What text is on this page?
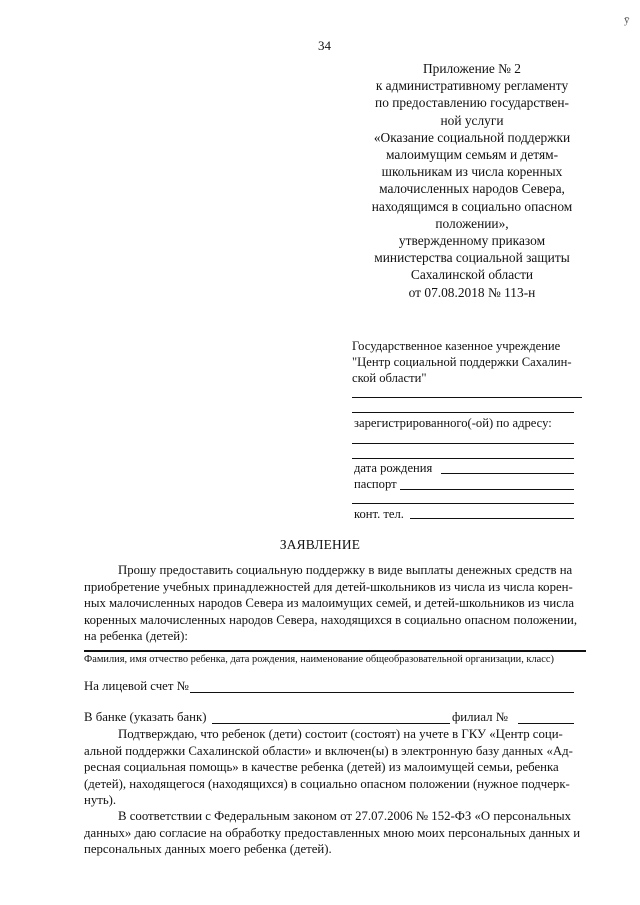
34
ȳ
Приложение № 2
к административному регламенту
по предоставлению государствен-
ной услуги
«Оказание социальной поддержки
малоимущим семьям и детям-
школьникам из числа коренных
малочисленных народов Севера,
находящимся в социально опасном
положении»,
утвержденному приказом
министерства социальной защиты
Сахалинской области
от 07.08.2018 № 113-н
Государственное казенное учреждение
"Центр социальной поддержки Сахалин-
ской области"
зарегистрированного(-ой) по адресу:
дата рождения
паспорт
конт. тел.
ЗАЯВЛЕНИЕ
Прошу предоставить социальную поддержку в виде выплаты денежных средств на
приобретение учебных принадлежностей для детей-школьников из числа из числа корен-
ных малочисленных народов Севера из малоимущих семей, и детей-школьников из числа
коренных малочисленных народов Севера, находящихся в социально опасном положении,
на ребенка (детей):
Фамилия, имя отчество ребенка, дата рождения, наименование общеобразовательной организации, класс)
На лицевой счет №
В банке (указать банк)	филиал №
Подтверждаю, что ребенок (дети) состоит (состоят) на учете в ГКУ «Центр соци-
альной поддержки Сахалинской области» и включен(ы) в электронную базу данных «Ад-
ресная социальная помощь» в качестве ребенка (детей) из малоимущей семьи, ребенка
(детей), находящегося (находящихся) в социально опасном положении (нужное подчерк-
нуть).
В соответствии с Федеральным законом от 27.07.2006 № 152-ФЗ «О персональных
данных» даю согласие на обработку предоставленных мною моих персональных данных и
персональных данных моего ребенка (детей).
